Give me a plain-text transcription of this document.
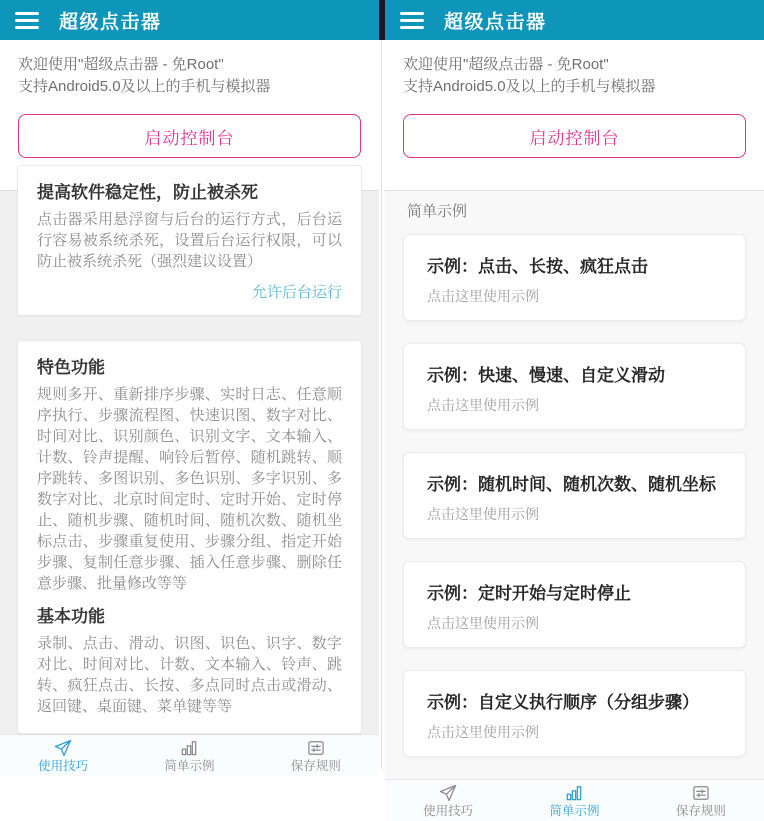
超级点击器

欢迎使用"超级点击器 - 免Root"

支持Android5.0及以上的手机与模拟器

启动控制台
提高软件稳定性，防止被杀死

点击器采用悬浮窗与后台的运行方式，后台运行容易被系统杀死，设置后台运行权限，可以防止被系统杀死（强烈建议设置）

允许后台运行
特色功能

规则多开、重新排序步骤、实时日志、任意顺序执行、步骤流程图、快速识图、数字对比、时间对比、识别颜色、识别文字、文本输入、计数、铃声提醒、响铃后暂停、随机跳转、顺序跳转、多图识别、多色识别、多字识别、多数字对比、北京时间定时、定时开始、定时停止、随机步骤、随机时间、随机次数、随机坐标点击、步骤重复使用、步骤分组、指定开始步骤、复制任意步骤、插入任意步骤、删除任意步骤、批量修改等等

基本功能

录制、点击、滑动、识图、识色、识字、数字对比、时间对比、计数、文本输入、铃声、跳转、疯狂点击、长按、多点同时点击或滑动、返回键、桌面键、菜单键等等

使用技巧	简单示例	保存规则
超级点击器

欢迎使用"超级点击器 - 免Root"

支持Android5.0及以上的手机与模拟器

启动控制台
简单示例
示例：点击、长按、疯狂点击
点击这里使用示例
示例：快速、慢速、自定义滑动
点击这里使用示例
示例：随机时间、随机次数、随机坐标
点击这里使用示例
示例：定时开始与定时停止
点击这里使用示例
示例：自定义执行顺序（分组步骤）
点击这里使用示例
使用技巧	简单示例	保存规则
